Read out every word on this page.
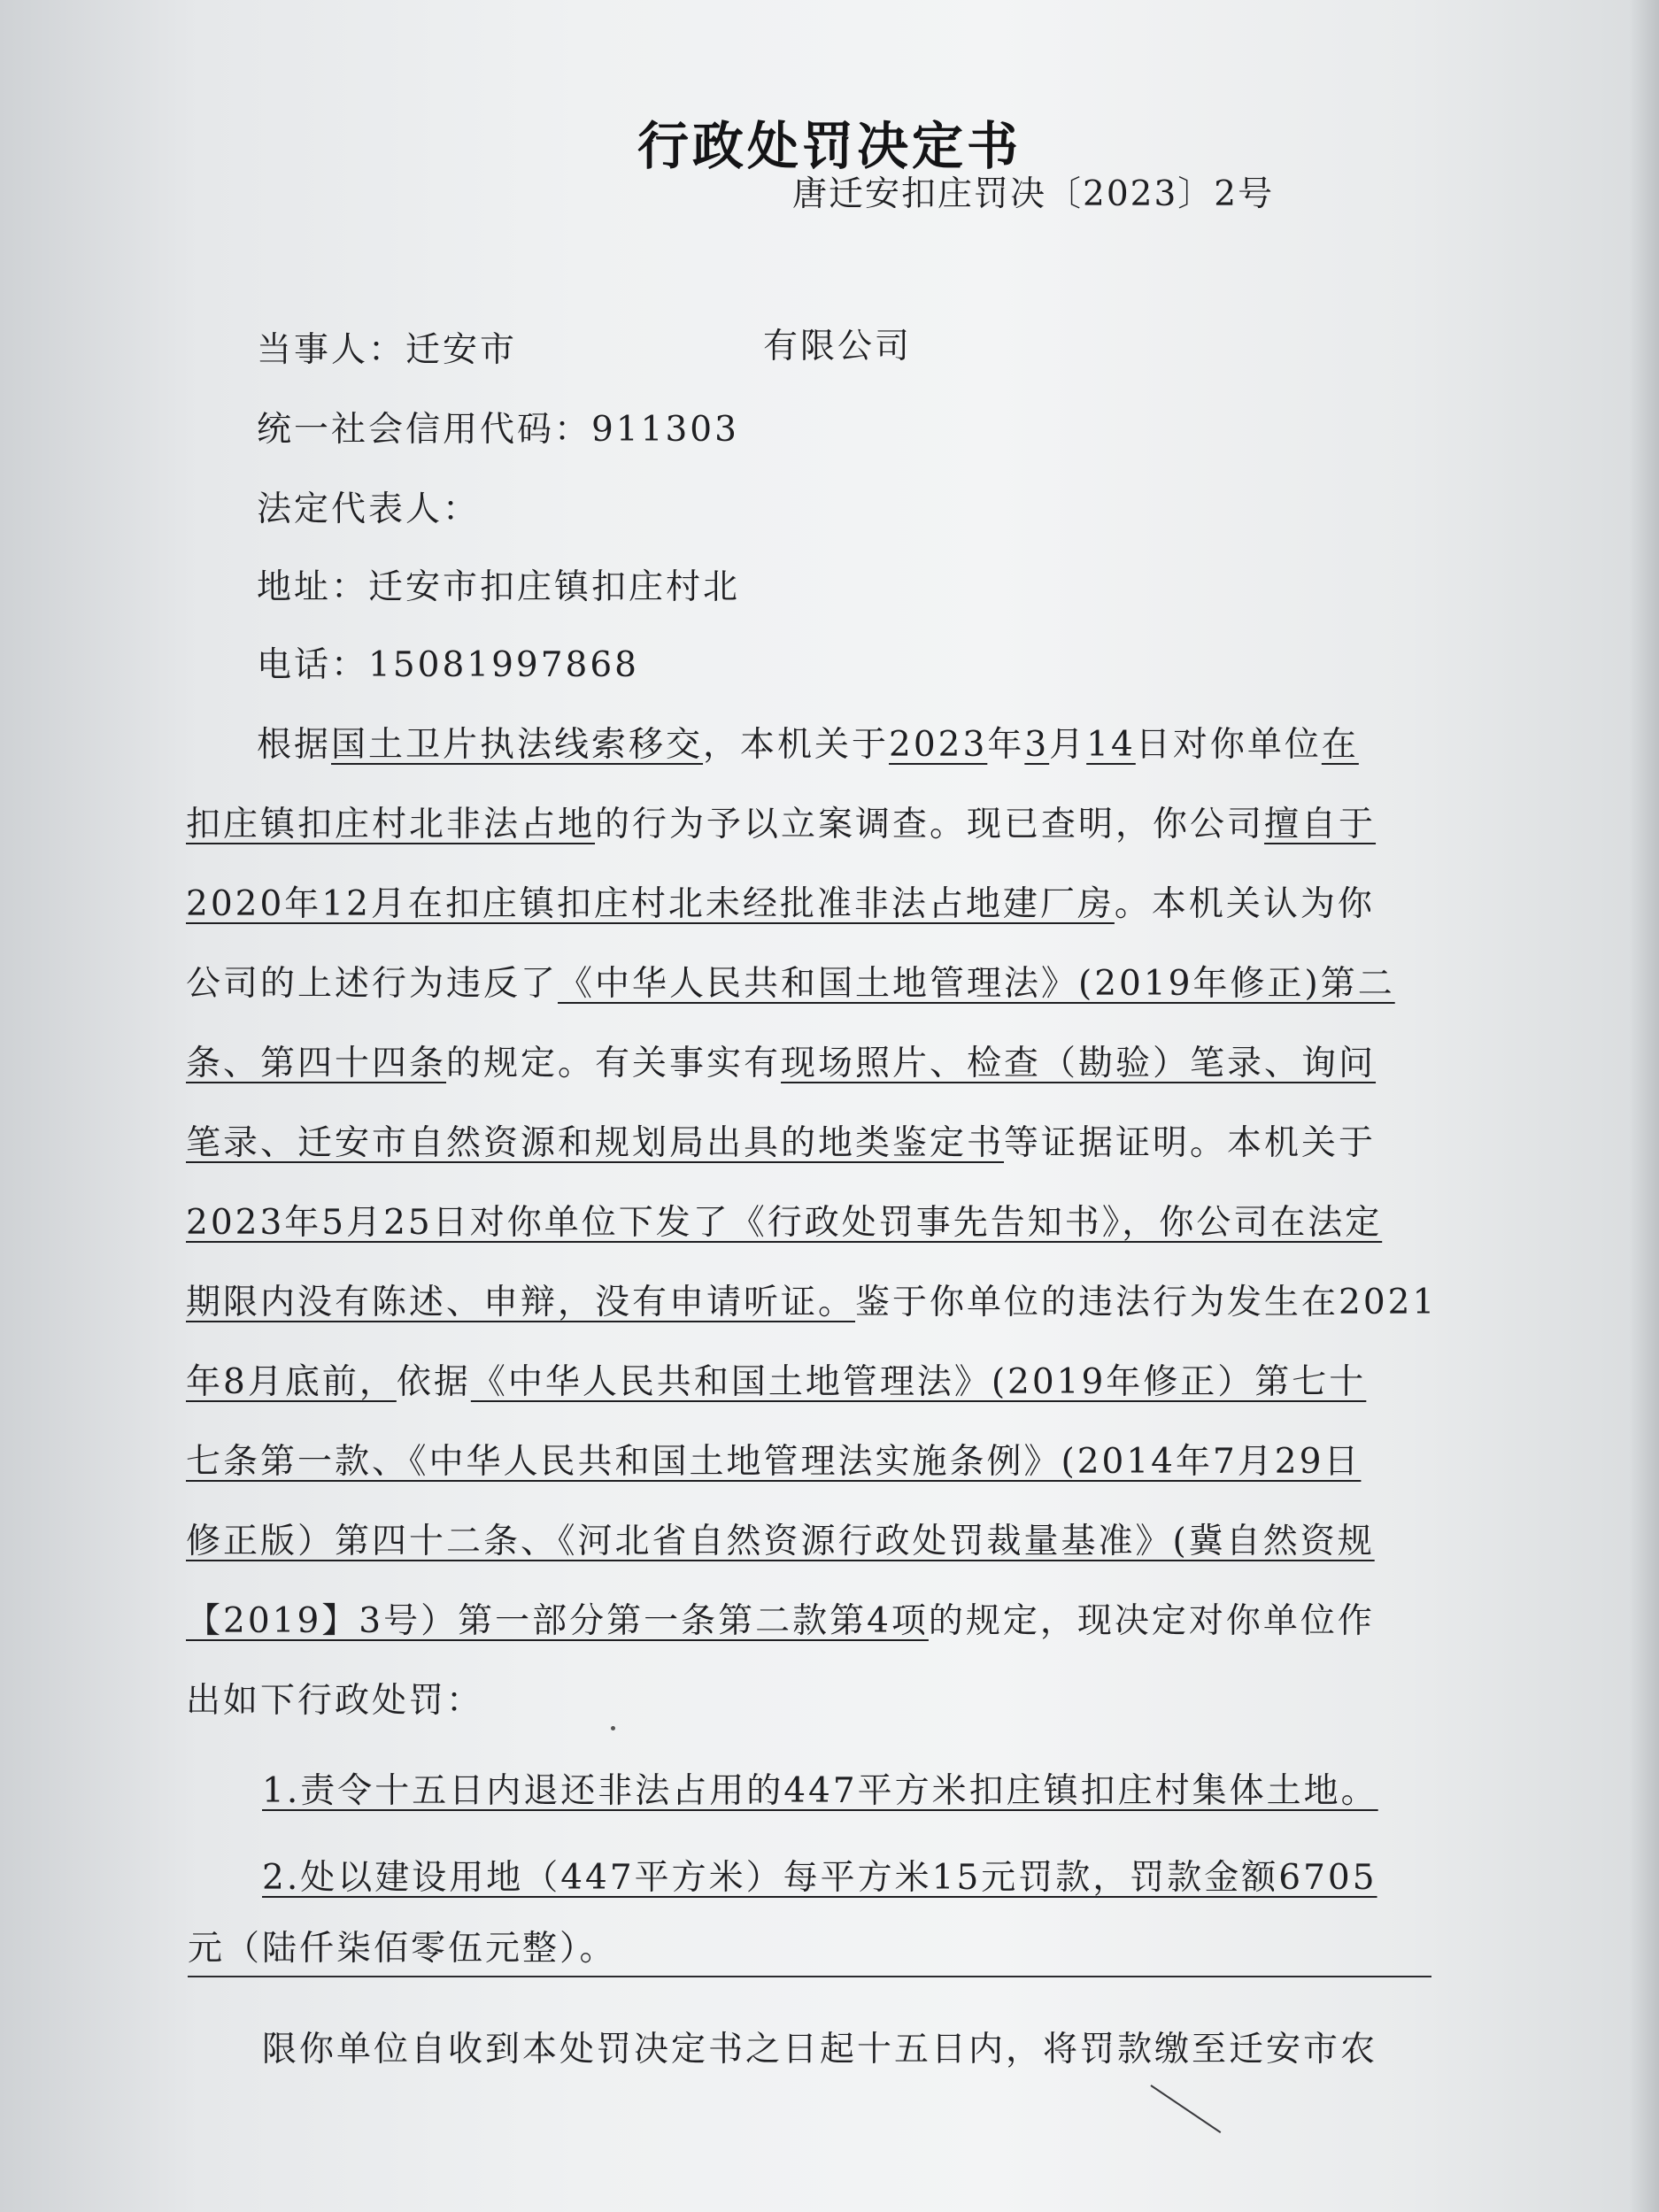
行政处罚决定书
唐迁安扣庄罚决〔2023〕2号
当事人：迁安市	有限公司
统一社会信用代码：911303
法定代表人：
地址：迁安市扣庄镇扣庄村北
电话：15081997868
根据国土卫片执法线索移交，本机关于2023年3月14日对你单位在
扣庄镇扣庄村北非法占地的行为予以立案调查。现已查明，你公司擅自于
2020年12月在扣庄镇扣庄村北未经批准非法占地建厂房。本机关认为你
公司的上述行为违反了《中华人民共和国土地管理法》(2019年修正)第二
条、第四十四条的规定。有关事实有现场照片、检查（勘验）笔录、询问
笔录、迁安市自然资源和规划局出具的地类鉴定书等证据证明。本机关于
2023年5月25日对你单位下发了《行政处罚事先告知书》，你公司在法定
期限内没有陈述、申辩，没有申请听证。鉴于你单位的违法行为发生在2021
年8月底前，依据《中华人民共和国土地管理法》(2019年修正）第七十
七条第一款、《中华人民共和国土地管理法实施条例》(2014年7月29日
修正版）第四十二条、《河北省自然资源行政处罚裁量基准》(冀自然资规
【2019】3号）第一部分第一条第二款第4项的规定，现决定对你单位作
出如下行政处罚：
1.责令十五日内退还非法占用的447平方米扣庄镇扣庄村集体土地。
2.处以建设用地（447平方米）每平方米15元罚款，罚款金额6705
元（陆仟柒佰零伍元整）。
限你单位自收到本处罚决定书之日起十五日内，将罚款缴至迁安市农
